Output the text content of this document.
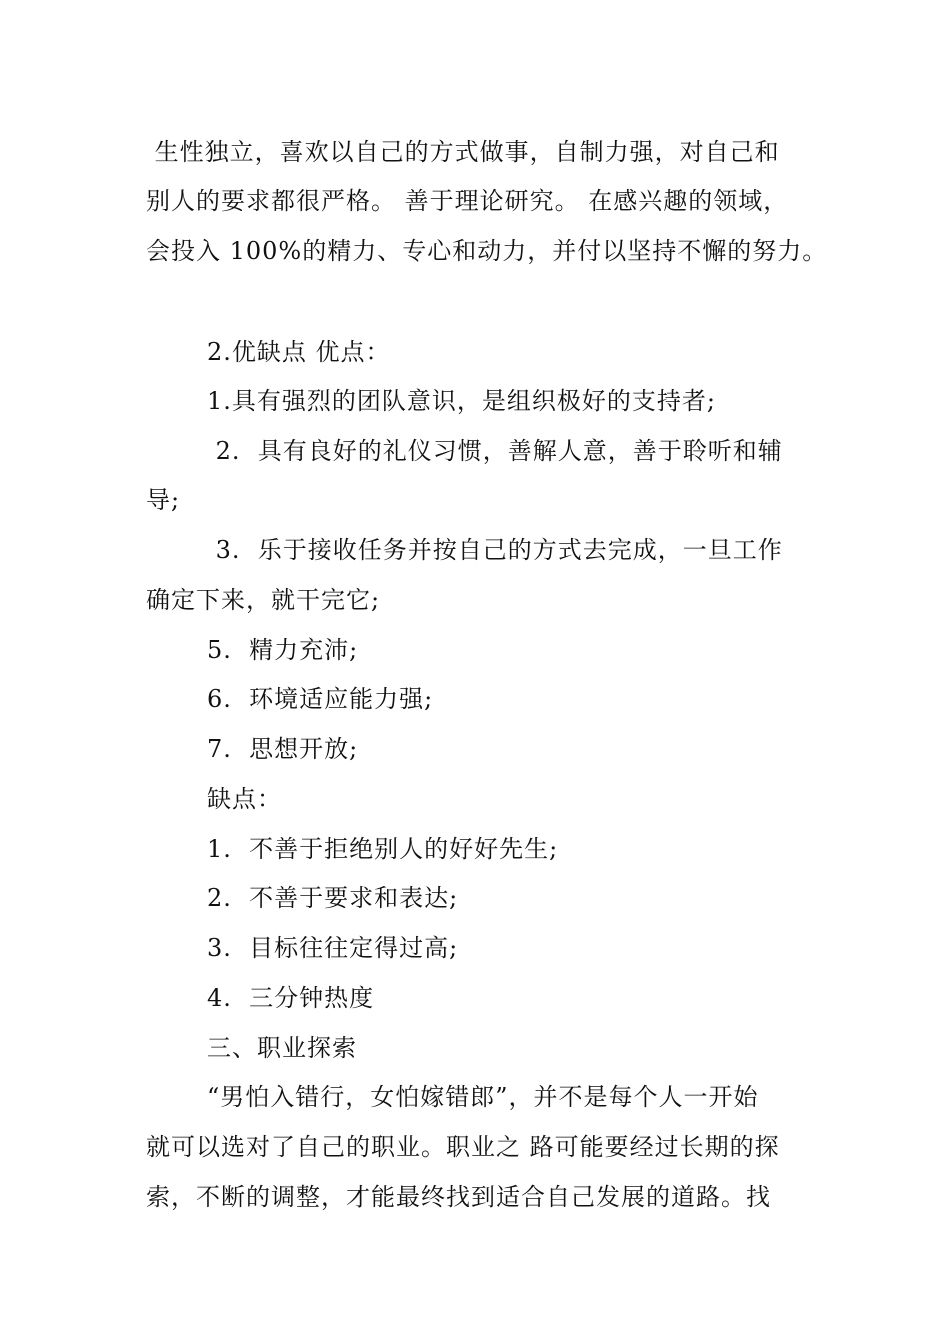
生性独立，喜欢以自己的方式做事，自制力强，对自己和
别人的要求都很严格。 善于理论研究。 在感兴趣的领域，
会投入 100%的精力、专心和动力，并付以坚持不懈的努力。
2.优缺点 优点：
1.具有强烈的团队意识，是组织极好的支持者;
2.  具有良好的礼仪习惯，善解人意，善于聆听和辅
导;
3.  乐于接收任务并按自己的方式去完成，一旦工作
确定下来，就干完它;
5.  精力充沛;
6.  环境适应能力强;
7.  思想开放;
缺点：
1.  不善于拒绝别人的好好先生;
2.  不善于要求和表达;
3.  目标往往定得过高;
4.  三分钟热度
三、职业探索
“男怕入错行，女怕嫁错郎”，并不是每个人一开始
就可以选对了自己的职业。职业之 路可能要经过长期的探
索，不断的调整，才能最终找到适合自己发展的道路。找
